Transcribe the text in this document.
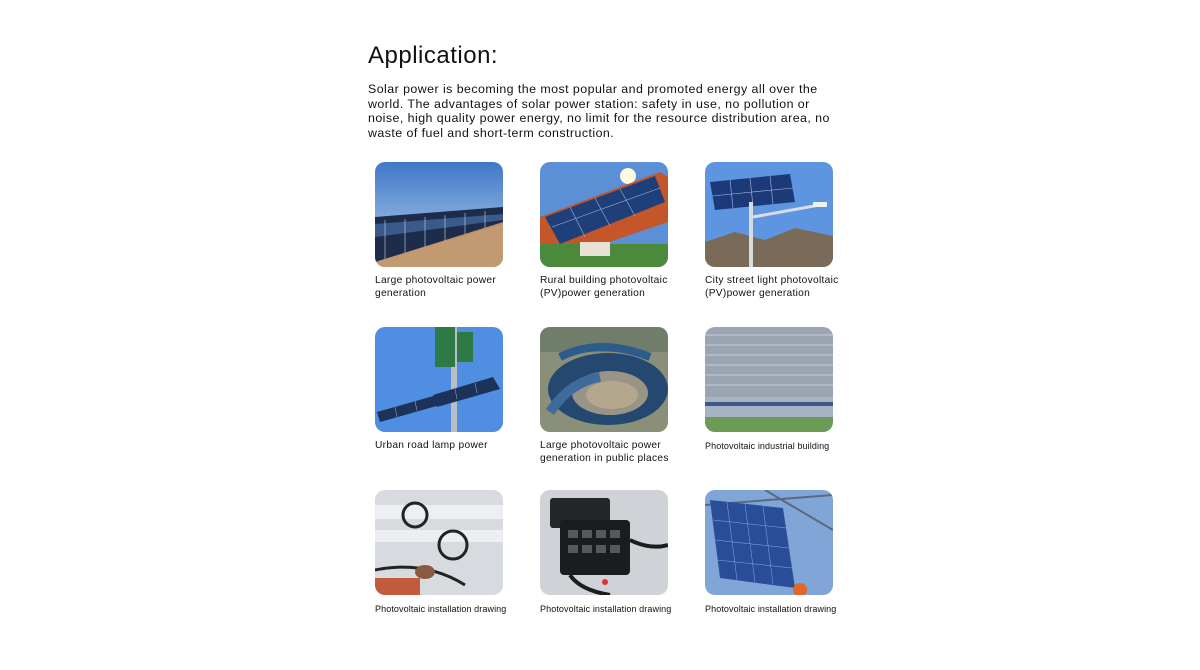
Application:

Solar power is becoming the most popular and promoted energy all over the world. The advantages of solar power station: safety in use, no pollution or noise, high quality power energy, no limit for the resource distribution area, no waste of fuel and short-term construction.

Large photovoltaic power generation
Rural building photovoltaic (PV)power generation
City street light photovoltaic (PV)power generation
Urban road lamp power	Large photovoltaic power generation in public places
Photovoltaic industrial building
Photovoltaic installation drawing	Photovoltaic installation drawing	Photovoltaic installation drawing
